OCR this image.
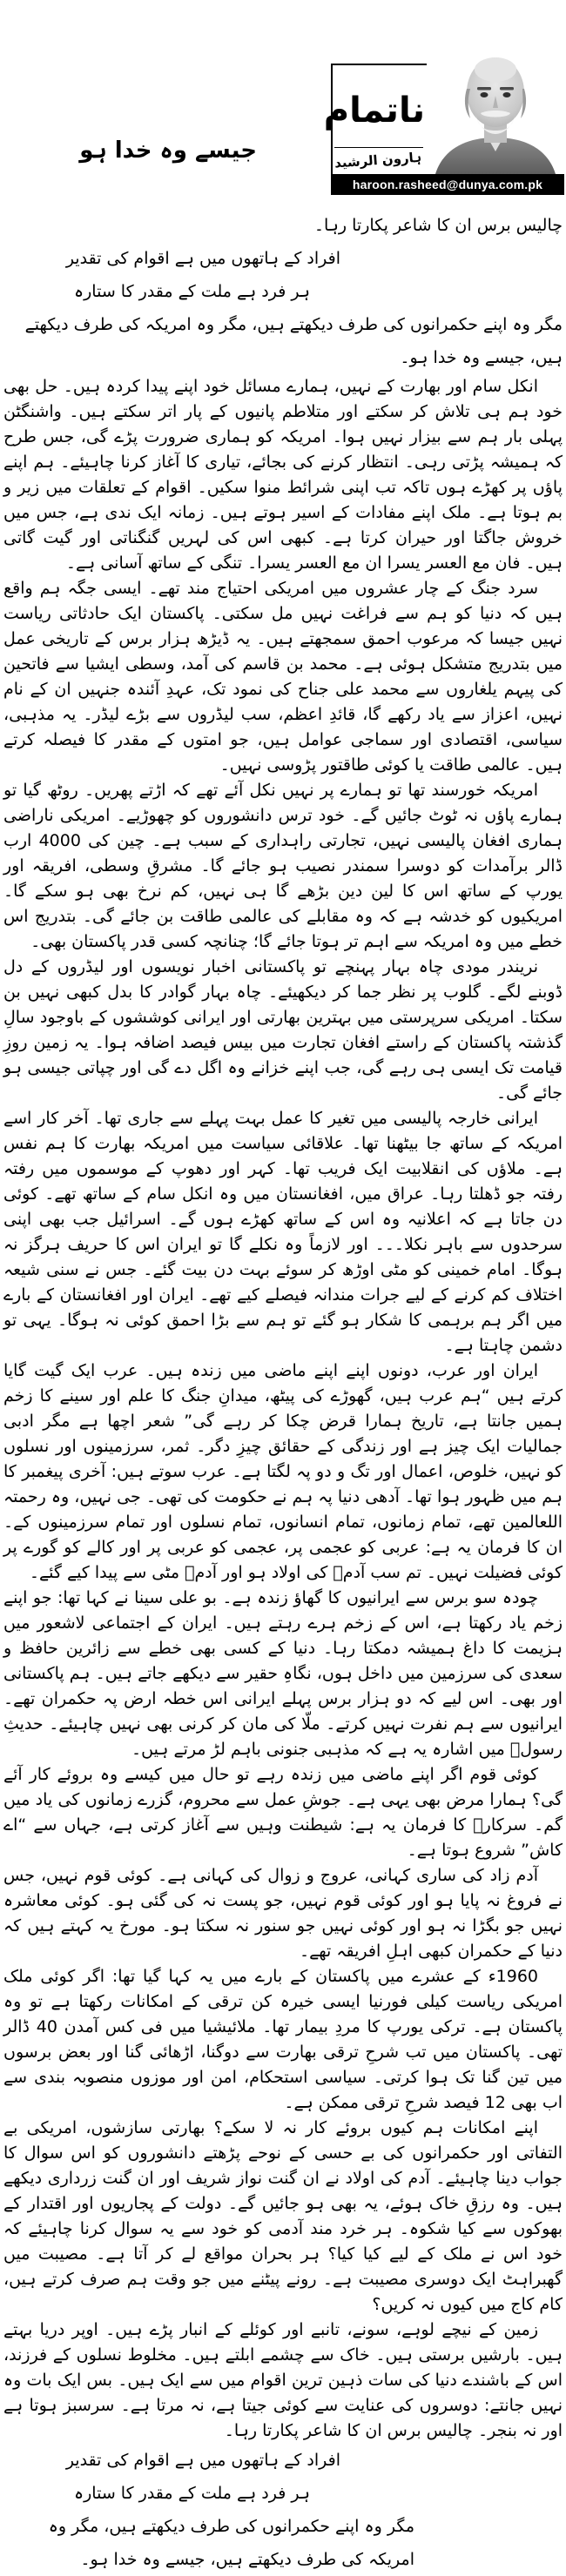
ناتمام
ہارون الرشید
haroon.rasheed@dunya.com.pk
جیسے وہ خدا ہو
چالیس برس ان کا شاعر پکارتا رہا۔
افراد کے ہاتھوں میں ہے اقوام کی تقدیر
ہر فرد ہے ملت کے مقدر کا ستارہ
مگر وہ اپنے حکمرانوں کی طرف دیکھتے ہیں، مگر وہ امریکہ کی طرف دیکھتے ہیں، جیسے وہ خدا ہو۔

انکل سام اور بھارت کے نہیں، ہمارے مسائل خود اپنے پیدا کردہ ہیں۔ حل بھی خود ہم ہی تلاش کر سکتے اور متلاطم پانیوں کے پار اتر سکتے ہیں۔ واشنگٹن پہلی بار ہم سے بیزار نہیں ہوا۔ امریکہ کو ہماری ضرورت پڑے گی، جس طرح کہ ہمیشہ پڑتی رہی۔ انتظار کرنے کی بجائے، تیاری کا آغاز کرنا چاہیئے۔ ہم اپنے پاؤں پر کھڑے ہوں تاکہ تب اپنی شرائط منوا سکیں۔ اقوام کے تعلقات میں زیر و بم ہوتا ہے۔ ملک اپنے مفادات کے اسیر ہوتے ہیں۔ زمانہ ایک ندی ہے، جس میں خروش جاگتا اور حیران کرتا ہے۔ کبھی اس کی لہریں گنگناتی اور گیت گاتی ہیں۔ فان مع العسر یسرا ان مع العسر یسرا۔ تنگی کے ساتھ آسانی ہے۔

سرد جنگ کے چار عشروں میں امریکی احتیاج مند تھے۔ ایسی جگہ ہم واقع ہیں کہ دنیا کو ہم سے فراغت نہیں مل سکتی۔ پاکستان ایک حادثاتی ریاست نہیں جیسا کہ مرعوب احمق سمجھتے ہیں۔ یہ ڈیڑھ ہزار برس کے تاریخی عمل میں بتدریج متشکل ہوئی ہے۔ محمد بن قاسم کی آمد، وسطی ایشیا سے فاتحین کی پیہم یلغاروں سے محمد علی جناح کی نمود تک، عہدِ آئندہ جنہیں ان کے نام نہیں، اعزاز سے یاد رکھے گا، قائدِ اعظم، سب لیڈروں سے بڑے لیڈر۔ یہ مذہبی، سیاسی، اقتصادی اور سماجی عوامل ہیں، جو امتوں کے مقدر کا فیصلہ کرتے ہیں۔ عالمی طاقت یا کوئی طاقتور پڑوسی نہیں۔

امریکہ خورسند تھا تو ہمارے پر نہیں نکل آئے تھے کہ اڑتے پھریں۔ روٹھ گیا تو ہمارے پاؤں نہ ٹوٹ جائیں گے۔ خود ترس دانشوروں کو چھوڑیے۔ امریکی ناراضی ہماری افغان پالیسی نہیں، تجارتی راہداری کے سبب ہے۔ چین کی 4000 ارب ڈالر برآمدات کو دوسرا سمندر نصیب ہو جائے گا۔ مشرقِ وسطی، افریقہ اور یورپ کے ساتھ اس کا لین دین بڑھے گا ہی نہیں، کم نرخ بھی ہو سکے گا۔ امریکیوں کو خدشہ ہے کہ وہ مقابلے کی عالمی طاقت بن جائے گی۔ بتدریج اس خطے میں وہ امریکہ سے اہم تر ہوتا جائے گا؛ چنانچہ کسی قدر پاکستان بھی۔

نریندر مودی چاہ بہار پہنچے تو پاکستانی اخبار نویسوں اور لیڈروں کے دل ڈوبنے لگے۔ گلوب پر نظر جما کر دیکھیئے۔ چاہ بہار گوادر کا بدل کبھی نہیں بن سکتا۔ امریکی سرپرستی میں بہترین بھارتی اور ایرانی کوششوں کے باوجود سالِ گذشتہ پاکستان کے راستے افغان تجارت میں بیس فیصد اضافہ ہوا۔ یہ زمین روزِ قیامت تک ایسی ہی رہے گی، جب اپنے خزانے وہ اگل دے گی اور چپاتی جیسی ہو جائے گی۔

ایرانی خارجہ پالیسی میں تغیر کا عمل بہت پہلے سے جاری تھا۔ آخر کار اسے امریکہ کے ساتھ جا بیٹھنا تھا۔ علاقائی سیاست میں امریکہ بھارت کا ہم نفس ہے۔ ملاؤں کی انقلابیت ایک فریب تھا۔ کہر اور دھوپ کے موسموں میں رفتہ رفتہ جو ڈھلتا رہا۔ عراق میں، افغانستان میں وہ انکل سام کے ساتھ تھے۔ کوئی دن جاتا ہے کہ اعلانیہ وہ اس کے ساتھ کھڑے ہوں گے۔ اسرائیل جب بھی اپنی سرحدوں سے باہر نکلا۔۔۔ اور لازماً وہ نکلے گا تو ایران اس کا حریف ہرگز نہ ہوگا۔ امام خمینی کو مٹی اوڑھ کر سوئے بہت دن بیت گئے۔ جس نے سنی شیعہ اختلاف کم کرنے کے لیے جرات مندانہ فیصلے کیے تھے۔ ایران اور افغانستان کے بارے میں اگر ہم برہمی کا شکار ہو گئے تو ہم سے بڑا احمق کوئی نہ ہوگا۔ یہی تو دشمن چاہتا ہے۔

ایران اور عرب، دونوں اپنے اپنے ماضی میں زندہ ہیں۔ عرب ایک گیت گایا کرتے ہیں “ہم عرب ہیں، گھوڑے کی پیٹھ، میدانِ جنگ کا علم اور سینے کا زخم ہمیں جانتا ہے، تاریخ ہمارا قرض چکا کر رہے گی” شعر اچھا ہے مگر ادبی جمالیات ایک چیز ہے اور زندگی کے حقائق چیزِ دگر۔ ثمر، سرزمینوں اور نسلوں کو نہیں، خلوص، اعمال اور تگ و دو پہ لگتا ہے۔ عرب سوتے ہیں: آخری پیغمبر کا ہم میں ظہور ہوا تھا۔ آدھی دنیا پہ ہم نے حکومت کی تھی۔ جی نہیں، وہ رحمتہ اللعالمین تھے، تمام زمانوں، تمام انسانوں، تمام نسلوں اور تمام سرزمینوں کے۔ ان کا فرمان یہ ہے: عربی کو عجمی پر، عجمی کو عربی پر اور کالے کو گورے پر کوئی فضیلت نہیں۔ تم سب آدمؑ کی اولاد ہو اور آدمؑ مٹی سے پیدا کیے گئے۔

چودہ سو برس سے ایرانیوں کا گھاؤ زندہ ہے۔ بو علی سینا نے کہا تھا: جو اپنے زخم یاد رکھتا ہے، اس کے زخم ہرے رہتے ہیں۔ ایران کے اجتماعی لاشعور میں ہزیمت کا داغ ہمیشہ دمکتا رہا۔ دنیا کے کسی بھی خطے سے زائرین حافظ و سعدی کی سرزمین میں داخل ہوں، نگاہِ حقیر سے دیکھے جاتے ہیں۔ ہم پاکستانی اور بھی۔ اس لیے کہ دو ہزار برس پہلے ایرانی اس خطہ ارض پہ حکمران تھے۔ ایرانیوں سے ہم نفرت نہیں کرتے۔ ملّا کی مان کر کرنی بھی نہیں چاہیئے۔ حدیثِ رسولؐ میں اشارہ یہ ہے کہ مذہبی جنونی باہم لڑ مرتے ہیں۔

کوئی قوم اگر اپنے ماضی میں زندہ رہے تو حال میں کیسے وہ بروئے کار آئے گی؟ ہمارا مرض بھی یہی ہے۔ جوشِ عمل سے محروم، گزرے زمانوں کی یاد میں گم۔ سرکارؐ کا فرمان یہ ہے: شیطنت وہیں سے آغاز کرتی ہے، جہاں سے “اے کاش” شروع ہوتا ہے۔

آدم زاد کی ساری کہانی، عروج و زوال کی کہانی ہے۔ کوئی قوم نہیں، جس نے فروغ نہ پایا ہو اور کوئی قوم نہیں، جو پست نہ کی گئی ہو۔ کوئی معاشرہ نہیں جو بگڑا نہ ہو اور کوئی نہیں جو سنور نہ سکتا ہو۔ مورخ یہ کہتے ہیں کہ دنیا کے حکمران کبھی اہلِ افریقہ تھے۔

1960ء کے عشرے میں پاکستان کے بارے میں یہ کہا گیا تھا: اگر کوئی ملک امریکی ریاست کیلی فورنیا ایسی خیرہ کن ترقی کے امکانات رکھتا ہے تو وہ پاکستان ہے۔ ترکی یورپ کا مردِ بیمار تھا۔ ملائیشیا میں فی کس آمدن 40 ڈالر تھی۔ پاکستان میں تب شرحِ ترقی بھارت سے دوگنا، اڑھائی گنا اور بعض برسوں میں تین گنا تک ہوا کرتی۔ سیاسی استحکام، امن اور موزوں منصوبہ بندی سے اب بھی 12 فیصد شرحِ ترقی ممکن ہے۔

اپنے امکانات ہم کیوں بروئے کار نہ لا سکے؟ بھارتی سازشوں، امریکی بے التفاتی اور حکمرانوں کی بے حسی کے نوحے پڑھتے دانشوروں کو اس سوال کا جواب دینا چاہیئے۔ آدم کی اولاد نے ان گنت نواز شریف اور ان گنت زرداری دیکھے ہیں۔ وہ رزقِ خاک ہوئے، یہ بھی ہو جائیں گے۔ دولت کے پجاریوں اور اقتدار کے بھوکوں سے کیا شکوہ۔ ہر خرد مند آدمی کو خود سے یہ سوال کرنا چاہیئے کہ خود اس نے ملک کے لیے کیا کیا؟ ہر بحران مواقع لے کر آتا ہے۔ مصیبت میں گھبراہٹ ایک دوسری مصیبت ہے۔ رونے پیٹنے میں جو وقت ہم صرف کرتے ہیں، کام کاج میں کیوں نہ کریں؟

زمین کے نیچے لوہے، سونے، تانبے اور کوئلے کے انبار پڑے ہیں۔ اوپر دریا بہتے ہیں۔ بارشیں برستی ہیں۔ خاک سے چشمے ابلتے ہیں۔ مخلوط نسلوں کے فرزند، اس کے باشندے دنیا کی سات ذہین ترین اقوام میں سے ایک ہیں۔ بس ایک بات وہ نہیں جانتے: دوسروں کی عنایت سے کوئی جیتا ہے، نہ مرتا ہے۔ سرسبز ہوتا ہے اور نہ بنجر۔ چالیس برس ان کا شاعر پکارتا رہا۔

افراد کے ہاتھوں میں ہے اقوام کی تقدیر
ہر فرد ہے ملت کے مقدر کا ستارہ
مگر وہ اپنے حکمرانوں کی طرف دیکھتے ہیں، مگر وہ امریکہ کی طرف دیکھتے ہیں، جیسے وہ خدا ہو۔
